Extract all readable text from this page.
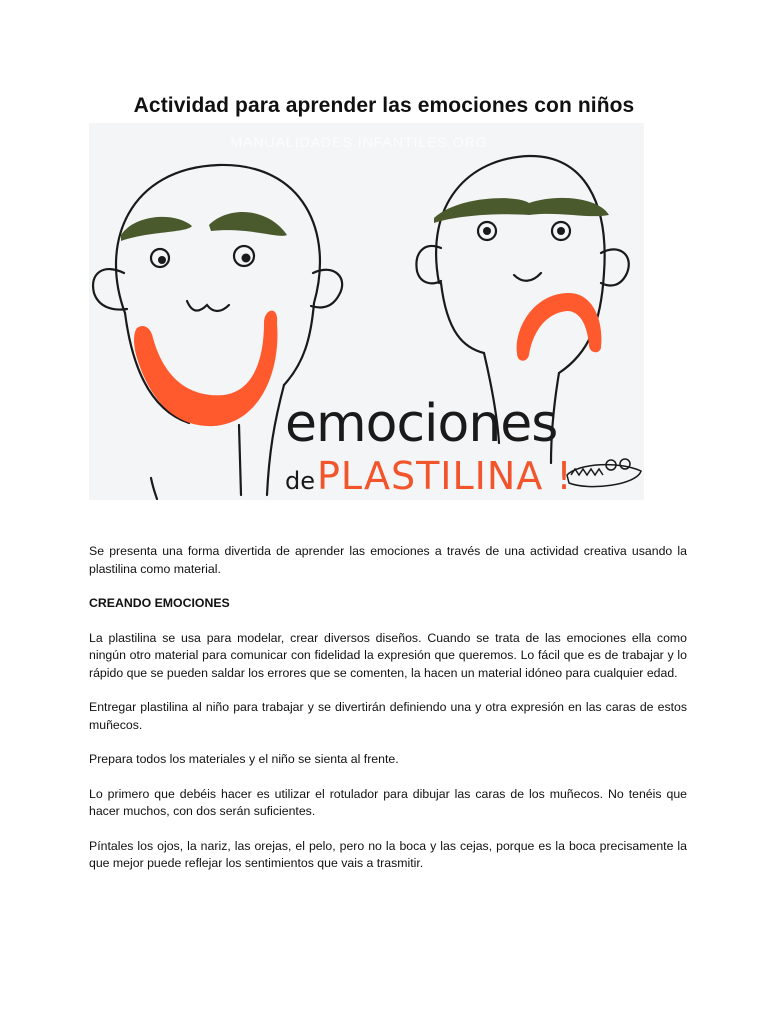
Actividad para aprender las emociones con niños
MANUALIDADES INFANTILES.ORG
emociones
de PLASTILINA !

Se presenta una forma divertida de aprender las emociones a través de una actividad creativa usando la plastilina como material.

CREANDO EMOCIONES

La plastilina se usa para modelar, crear diversos diseños. Cuando se trata de las emociones ella como ningún otro material para comunicar con fidelidad la expresión que queremos. Lo fácil que es de trabajar y lo rápido que se pueden saldar los errores que se comenten, la hacen un material idóneo para cualquier edad.

Entregar plastilina al niño para trabajar y se divertirán definiendo una y otra expresión en las caras de estos muñecos.

Prepara todos los materiales y el niño se sienta al frente.

Lo primero que debéis hacer es utilizar el rotulador para dibujar las caras de los muñecos. No tenéis que hacer muchos, con dos serán suficientes.

Píntales los ojos, la nariz, las orejas, el pelo, pero no la boca y las cejas, porque es la boca precisamente la que mejor puede reflejar los sentimientos que vais a trasmitir.
